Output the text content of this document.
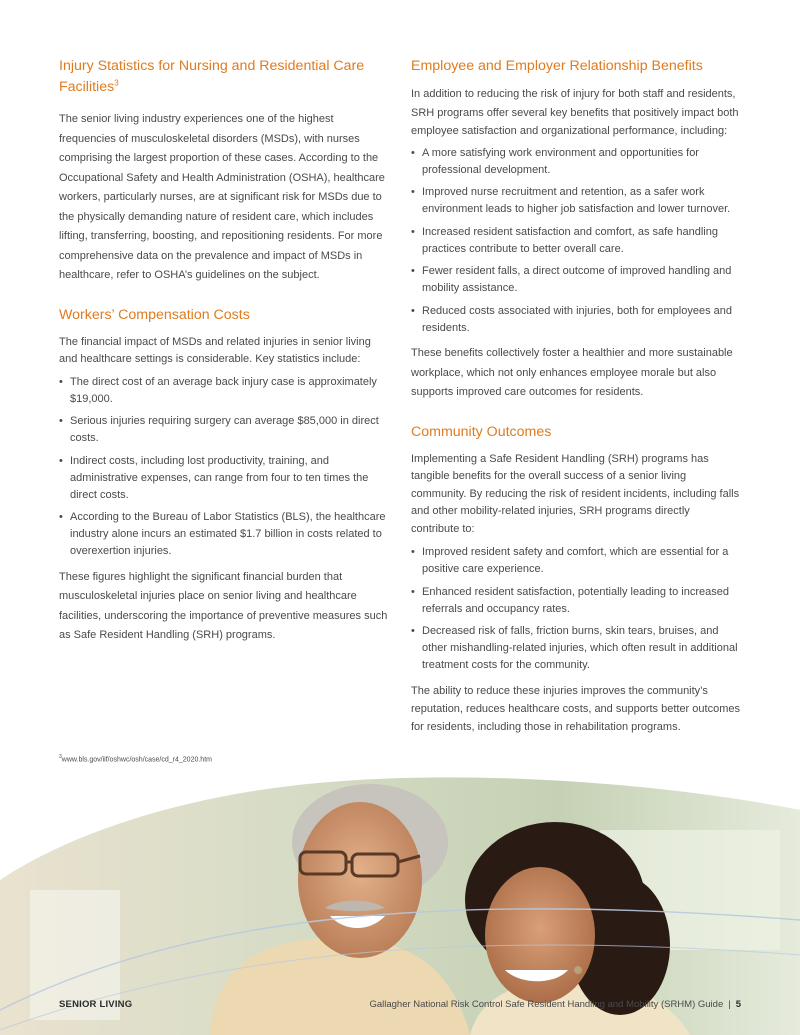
Injury Statistics for Nursing and Residential Care Facilities$^3$

The senior living industry experiences one of the highest frequencies of musculoskeletal disorders (MSDs), with nurses comprising the largest proportion of these cases. According to the Occupational Safety and Health Administration (OSHA), healthcare workers, particularly nurses, are at significant risk for MSDs due to the physically demanding nature of resident care, which includes lifting, transferring, boosting, and repositioning residents. For more comprehensive data on the prevalence and impact of MSDs in healthcare, refer to OSHA’s guidelines on the subject.

Workers’ Compensation Costs

The financial impact of MSDs and related injuries in senior living and healthcare settings is considerable. Key statistics include:

• The direct cost of an average back injury case is approximately $19,000.
• Serious injuries requiring surgery can average $85,000 in direct costs.
• Indirect costs, including lost productivity, training, and administrative expenses, can range from four to ten times the direct costs.
• According to the Bureau of Labor Statistics (BLS), the healthcare industry alone incurs an estimated $1.7 billion in costs related to overexertion injuries.

These figures highlight the significant financial burden that musculoskeletal injuries place on senior living and healthcare facilities, underscoring the importance of preventive measures such as Safe Resident Handling (SRH) programs.

Employee and Employer Relationship Benefits

In addition to reducing the risk of injury for both staff and residents, SRH programs offer several key benefits that positively impact both employee satisfaction and organizational performance, including:

• A more satisfying work environment and opportunities for professional development.
• Improved nurse recruitment and retention, as a safer work environment leads to higher job satisfaction and lower turnover.
• Increased resident satisfaction and comfort, as safe handling practices contribute to better overall care.
• Fewer resident falls, a direct outcome of improved handling and mobility assistance.
• Reduced costs associated with injuries, both for employees and residents.

These benefits collectively foster a healthier and more sustainable workplace, which not only enhances employee morale but also supports improved care outcomes for residents.

Community Outcomes

Implementing a Safe Resident Handling (SRH) programs has tangible benefits for the overall success of a senior living community. By reducing the risk of resident incidents, including falls and other mobility-related injuries, SRH programs directly contribute to:

• Improved resident safety and comfort, which are essential for a positive care experience.
• Enhanced resident satisfaction, potentially leading to increased referrals and occupancy rates.
• Decreased risk of falls, friction burns, skin tears, bruises, and other mishandling-related injuries, which often result in additional treatment costs for the community.

The ability to reduce these injuries improves the community’s reputation, reduces healthcare costs, and supports better outcomes for residents, including those in rehabilitation programs.

$^3$www.bls.gov/iif/oshwc/osh/case/cd_r4_2020.htm
SENIOR LIVING	Gallagher National Risk Control Safe Resident Handling and Mobility (SRHM) Guide | 5
